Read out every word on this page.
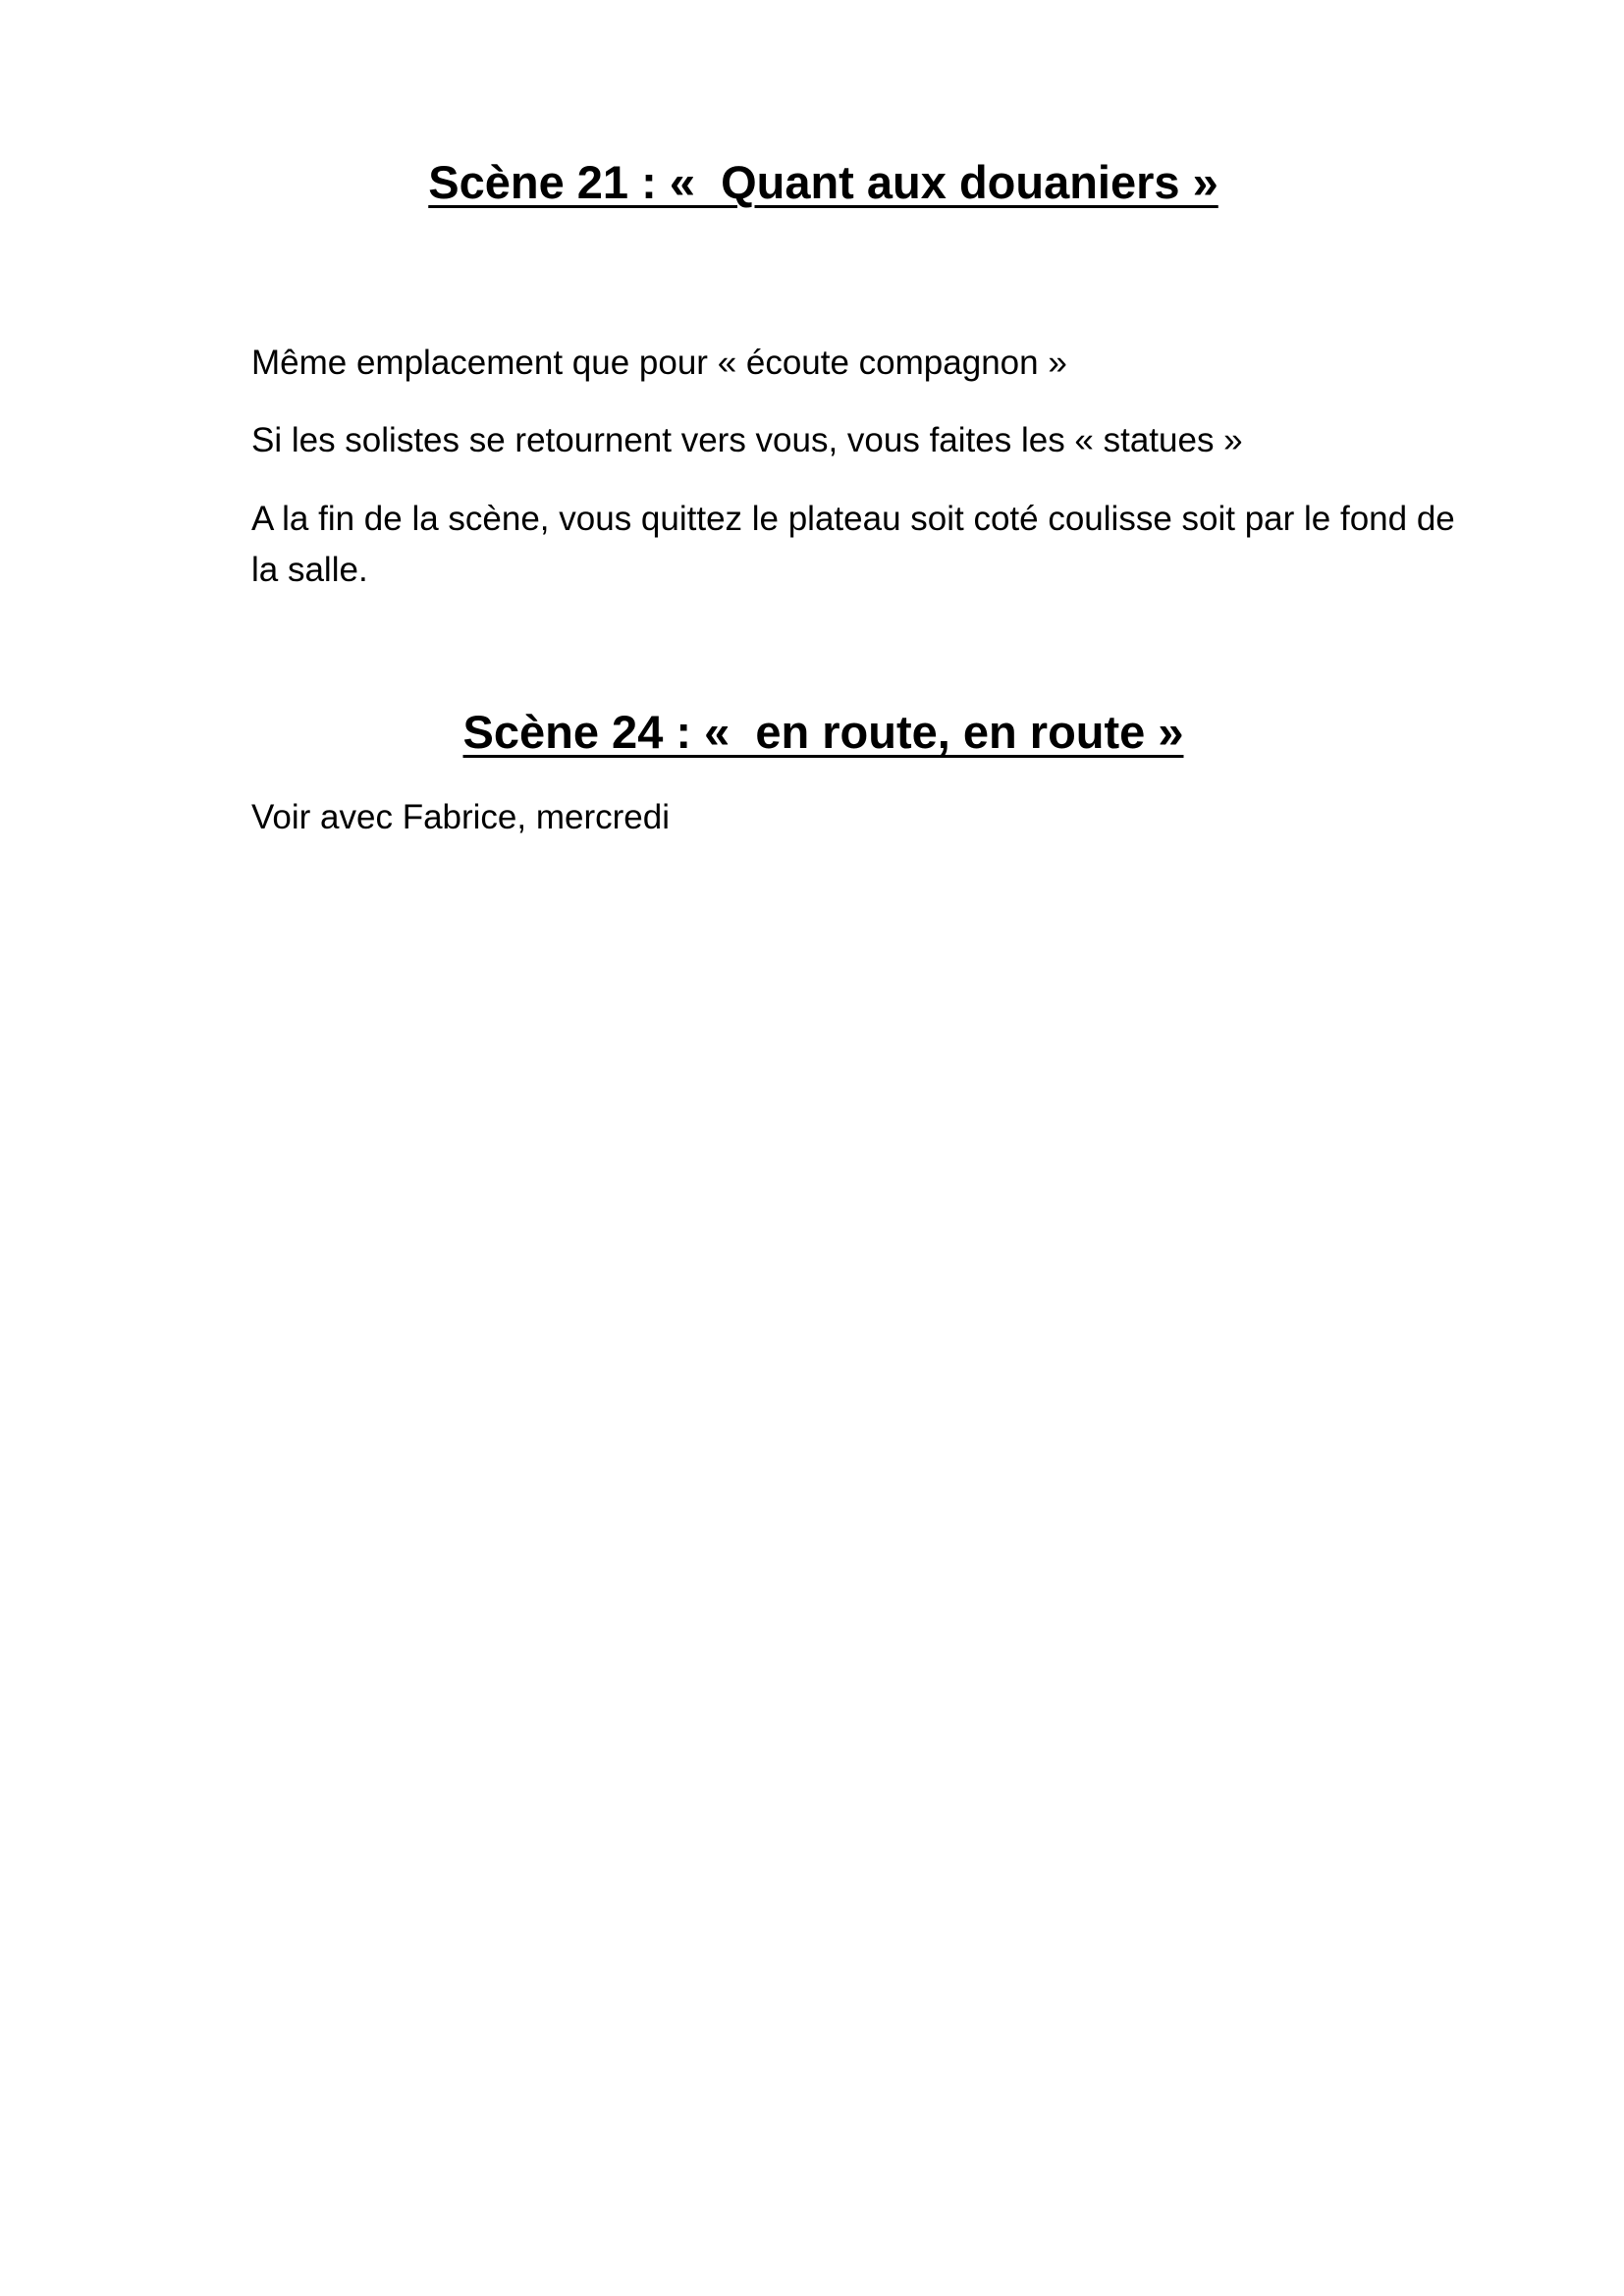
Scène 21 : «  Quant aux douaniers »

Même emplacement que pour « écoute compagnon »

Si les solistes se retournent vers vous, vous faites les « statues »

A la fin de la scène, vous quittez le plateau soit coté coulisse soit par le fond de la salle.

Scène 24 : «  en route, en route »

Voir avec Fabrice, mercredi
